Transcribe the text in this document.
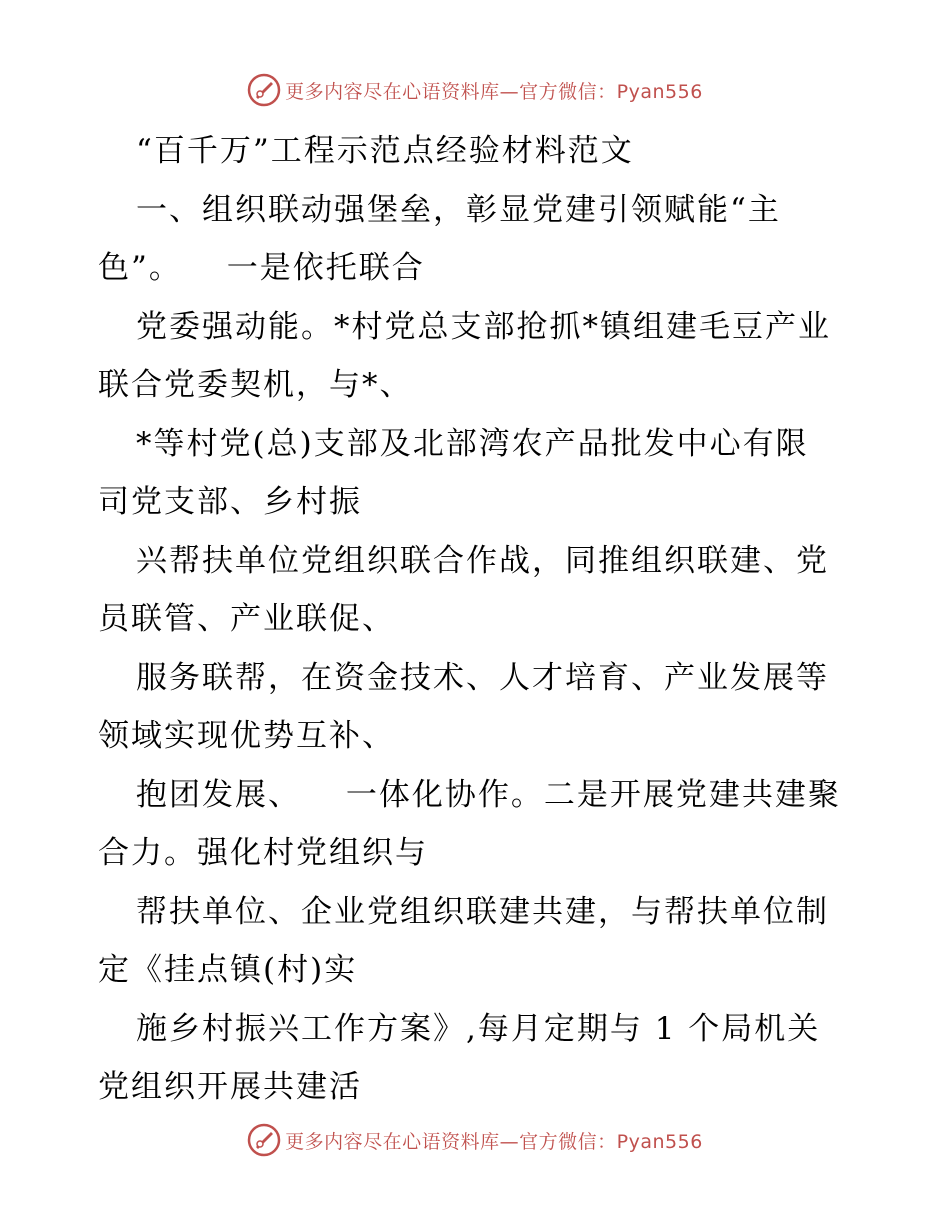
更多内容尽在心语资料库—官方微信：Pyan556
“百千万”工程示范点经验材料范文
一、组织联动强堡垒，彰显党建引领赋能“主
色”。 　一是依托联合
党委强动能。*村党总支部抢抓*镇组建毛豆产业
联合党委契机，与*、
*等村党(总)支部及北部湾农产品批发中心有限
司党支部、乡村振
兴帮扶单位党组织联合作战，同推组织联建、党
员联管、产业联促、
服务联帮，在资金技术、人才培育、产业发展等
领域实现优势互补、
抱团发展、 　一体化协作。二是开展党建共建聚
合力。强化村党组织与
帮扶单位、企业党组织联建共建，与帮扶单位制
定《挂点镇(村)实
施乡村振兴工作方案》,每月定期与 1 个局机关
党组织开展共建活
更多内容尽在心语资料库—官方微信：Pyan556
